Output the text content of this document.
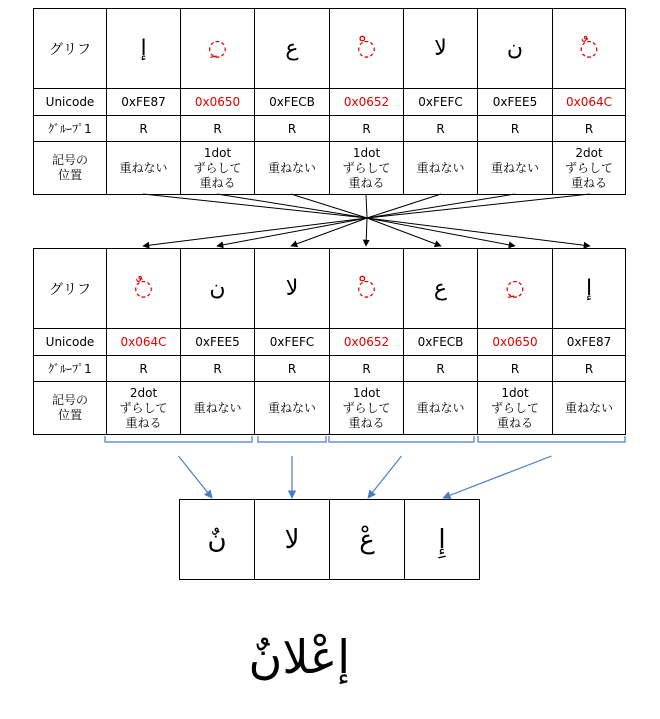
グリフ	إ	◌ِ	ع	◌ْ	لا	ن	◌ٌ
Unicode	0xFE87	0x0650	0xFECB	0x0652	0xFEFC	0xFEE5	0x064C
ｸﾞﾙｰﾌﾟ1	R	R	R	R	R	R	R
記号の
位置	重ねない	1dot
ずらして
重ねる	重ねない	1dot
ずらして
重ねる	重ねない	重ねない	2dot
ずらして
重ねる
グリフ	◌ٌ	ن	لا	◌ْ	ع	◌ِ	إ
Unicode	0x064C	0xFEE5	0xFEFC	0x0652	0xFECB	0x0650	0xFE87
ｸﾞﾙｰﾌﾟ1	R	R	R	R	R	R	R
記号の
位置	2dot
ずらして
重ねる	重ねない	重ねない	1dot
ずらして
重ねる	重ねない	1dot
ずらして
重ねる	重ねない
نٌ	لا	عْ	إِ
إعْلانٌ
